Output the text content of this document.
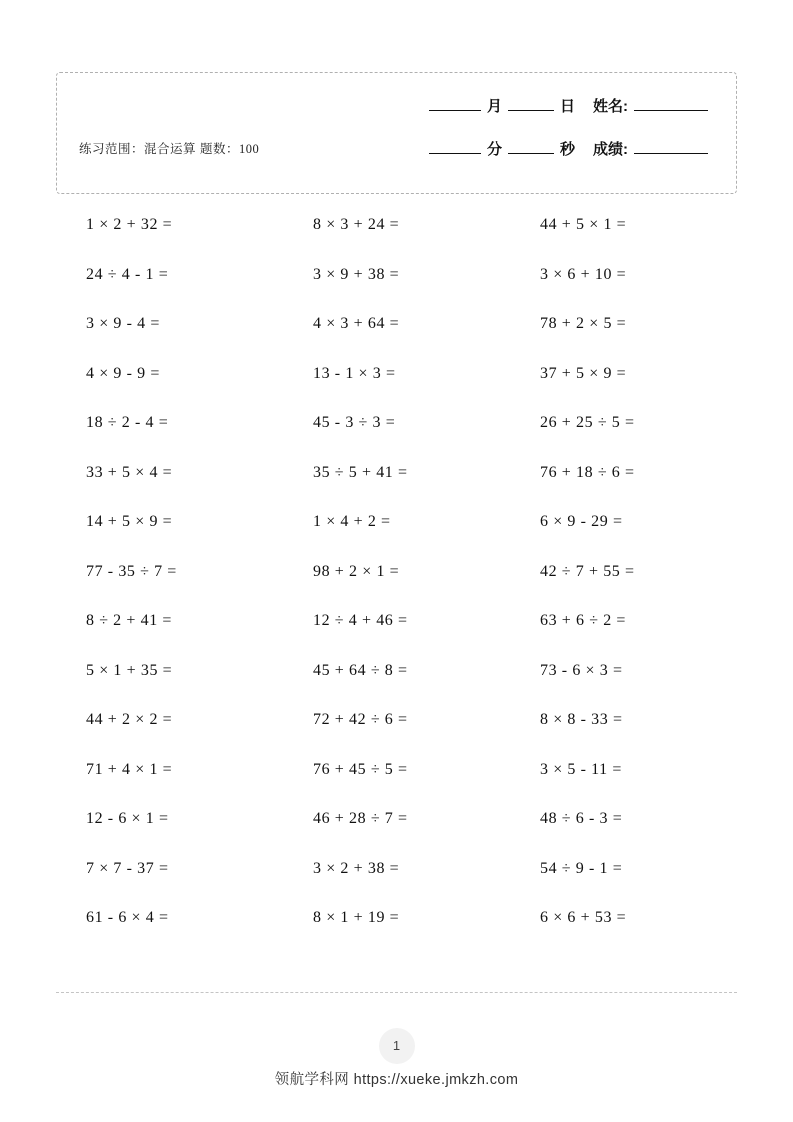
练习范围：混合运算 题数：100
月	日 姓名:
分	秒 成绩:
1 × 2 + 32 =	8 × 3 + 24 =	44 + 5 × 1 =
24 ÷ 4 - 1 =	3 × 9 + 38 =	3 × 6 + 10 =
3 × 9 - 4 =	4 × 3 + 64 =	78 + 2 × 5 =
4 × 9 - 9 =	13 - 1 × 3 =	37 + 5 × 9 =
18 ÷ 2 - 4 =	45 - 3 ÷ 3 =	26 + 25 ÷ 5 =
33 + 5 × 4 =	35 ÷ 5 + 41 =	76 + 18 ÷ 6 =
14 + 5 × 9 =	1 × 4 + 2 =	6 × 9 - 29 =
77 - 35 ÷ 7 =	98 + 2 × 1 =	42 ÷ 7 + 55 =
8 ÷ 2 + 41 =	12 ÷ 4 + 46 =	63 + 6 ÷ 2 =
5 × 1 + 35 =	45 + 64 ÷ 8 =	73 - 6 × 3 =
44 + 2 × 2 =	72 + 42 ÷ 6 =	8 × 8 - 33 =
71 + 4 × 1 =	76 + 45 ÷ 5 =	3 × 5 - 11 =
12 - 6 × 1 =	46 + 28 ÷ 7 =	48 ÷ 6 - 3 =
7 × 7 - 37 =	3 × 2 + 38 =	54 ÷ 9 - 1 =
61 - 6 × 4 =	8 × 1 + 19 =	6 × 6 + 53 =
1
领航学科网 https://xueke.jmkzh.com
